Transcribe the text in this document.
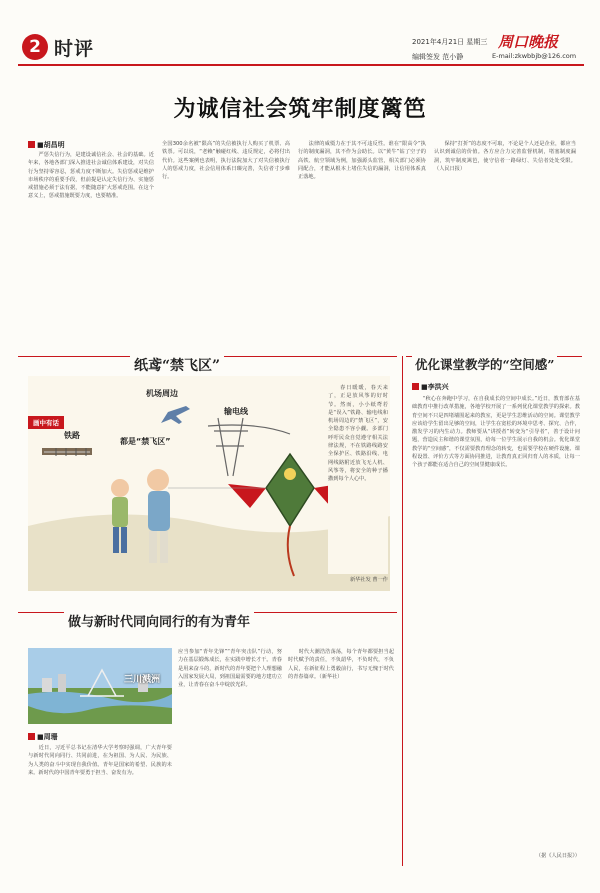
2 时评	2021年4月21日 星期三
编辑签发 范小静
周口晚报
E-mail:zkwbbjb@126.com
为诚信社会筑牢制度篱笆
■胡昌明
　　严惩失信行为，是建设诚信社会、社会的基础。近年来，各地各部门深入推进社会诚信体系建设，对失信行为坚持零容忍，惩戒力度不断加大。失信惩戒是维护市场秩序的重要手段，但前提是认定失信行为、实施惩戒措施必须于法有据，不能随意扩大惩戒范围。在这个意义上，惩戒措施既要力度，也要精准。
全国300余名被“限高”的失信被执行人购买了机票、高铁票。可以说，“老赖”触碰红线、违反规定，必将付出代价。这些案例也表明，执行法院加大了对失信被执行人的惩戒力度，社会信用体系日臻完善，失信者寸步难行。
　　法律的威慑力在于其不可违反性。谁在“限高令”执行的制度漏洞，其不作为会助长。以“黄牛”钻了空子的高铁、航空领域为例，加强源头监管，相关部门必须协同配合，才能从根本上堵住失信的漏洞，让信用体系真正落地。
　　保持“打折”的态度不可取，不论是个人还是企业，都应当认识到诚信的价值。各方应合力完善监督机制，堵塞制度漏洞，筑牢制度篱笆，使守信者一路绿灯、失信者处处受限。（人民日报）
纸鸢“禁飞区”
画中有话
机场周边
铁路
输电线
都是“禁飞区”
　　春日暖暖，春天来了，正是放风筝的好时节。然而，小小纸鸢若是“误入”铁路、输电线和机场周边的“禁飞区”，安全隐患不容小觑。多部门呼吁民众自觉遵守相关法律法规，不在铁路线路安全保护区、铁路沿线、电网线路附近放飞无人机、风筝等，将安全的种子播撒到每个人心中。
新华社发 曹一作
优化课堂教学的“空间感”
■李洪兴
　　“秋心在奔跑中学习，在自我成长的空间中成长。”近日，教育部在基础教育中推行改革措施，各地学校开展了一系列优化课堂教学的探索。教育空间不只是四堵墙围起来的教室，更是学生思维活动的空间。课堂教学应该给学生留出足够的空间，让学生在宽松的环境中思考、探究、合作，激发学习的内生动力。教师要从“讲授者”转变为“引导者”，善于设计问题，营造民主和谐的课堂氛围，给每一位学生展示自我的机会。优化课堂教学的“空间感”，不仅需要教育理念的转变，也需要学校在硬件设施、课程设置、评价方式等方面协同推进，让教育真正回归育人的本质，让每一个孩子都能在适合自己的空间里健康成长。
（据《人民日报》）
做与新时代同向同行的有为青年
三川溅洲
应当参加“青年先锋”“青年突击队”行动，努力在基层锻炼成长，在实践中增长才干。青春是用来奋斗的，新时代的青年要把个人理想融入国家发展大局，到祖国最需要的地方建功立业，让青春在奋斗中绽放光彩。
　　时代大潮浩浩荡荡，每个青年都要担当起时代赋予的责任，不负韶华，不负时代，不负人民，在新征程上勇毅前行，书写无愧于时代的青春篇章。（新华社）
■周珊
　　近日，习近平总书记在清华大学考察时强调，广大青年要与新时代同向同行、共同前进，在为祖国、为人民、为民族、为人类的奋斗中实现自我价值。青年是国家的希望、民族的未来。新时代的中国青年要勇于担当、奋发有为。
